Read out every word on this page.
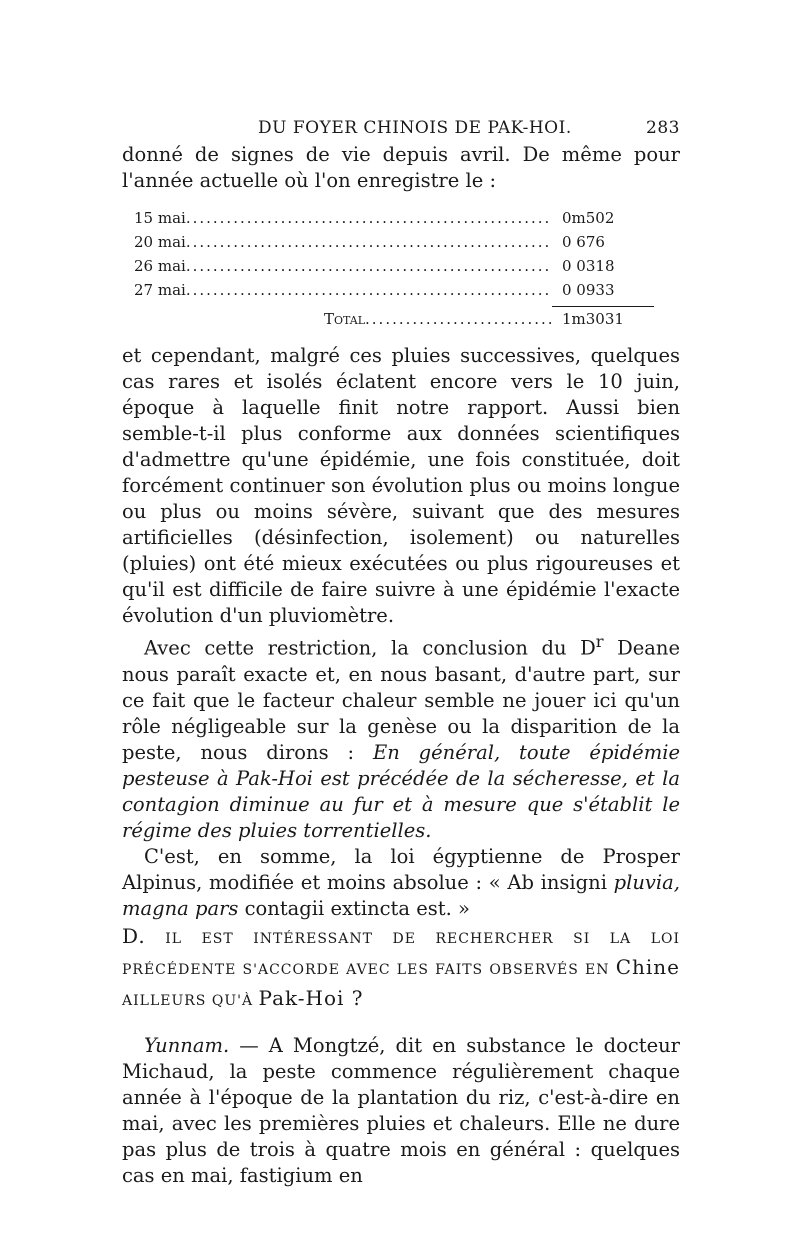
DU FOYER CHINOIS DE PAK-HOI.	283

donné de signes de vie depuis avril. De même pour l'année actuelle où l'on enregistre le :

15 mai .....	0m502
20 mai .....	0 676
26 mai .....	0 0318
27 mai .....	0 0933
Total .....	1m3031

et cependant, malgré ces pluies successives, quelques cas rares et isolés éclatent encore vers le 10 juin, époque à laquelle finit notre rapport. Aussi bien semble-t-il plus conforme aux données scientifiques d'admettre qu'une épidémie, une fois constituée, doit forcément continuer son évolution plus ou moins longue ou plus ou moins sévère, suivant que des mesures artificielles (désinfection, isolement) ou naturelles (pluies) ont été mieux exécutées ou plus rigoureuses et qu'il est difficile de faire suivre à une épidémie l'exacte évolution d'un pluviomètre.

Avec cette restriction, la conclusion du $D^r$ Deane nous paraît exacte et, en nous basant, d'autre part, sur ce fait que le facteur chaleur semble ne jouer ici qu'un rôle négligeable sur la genèse ou la disparition de la peste, nous dirons : En général, toute épidémie pesteuse à Pak-Hoi est précédée de la sécheresse, et la contagion diminue au fur et à mesure que s'établit le régime des pluies torrentielles.

C'est, en somme, la loi égyptienne de Prosper Alpinus, modifiée et moins absolue : « Ab insigni pluvia, magna pars contagii extincta est. »

D. IL EST INTÉRESSANT DE RECHERCHER SI LA LOI PRÉCÉDENTE S'ACCORDE AVEC LES FAITS OBSERVÉS EN Chine AILLEURS QU'À Pak-Hoi ?

Yunnam. — A Mongtzé, dit en substance le docteur Michaud, la peste commence régulièrement chaque année à l'époque de la plantation du riz, c'est-à-dire en mai, avec les premières pluies et chaleurs. Elle ne dure pas plus de trois à quatre mois en général : quelques cas en mai, fastigium en
